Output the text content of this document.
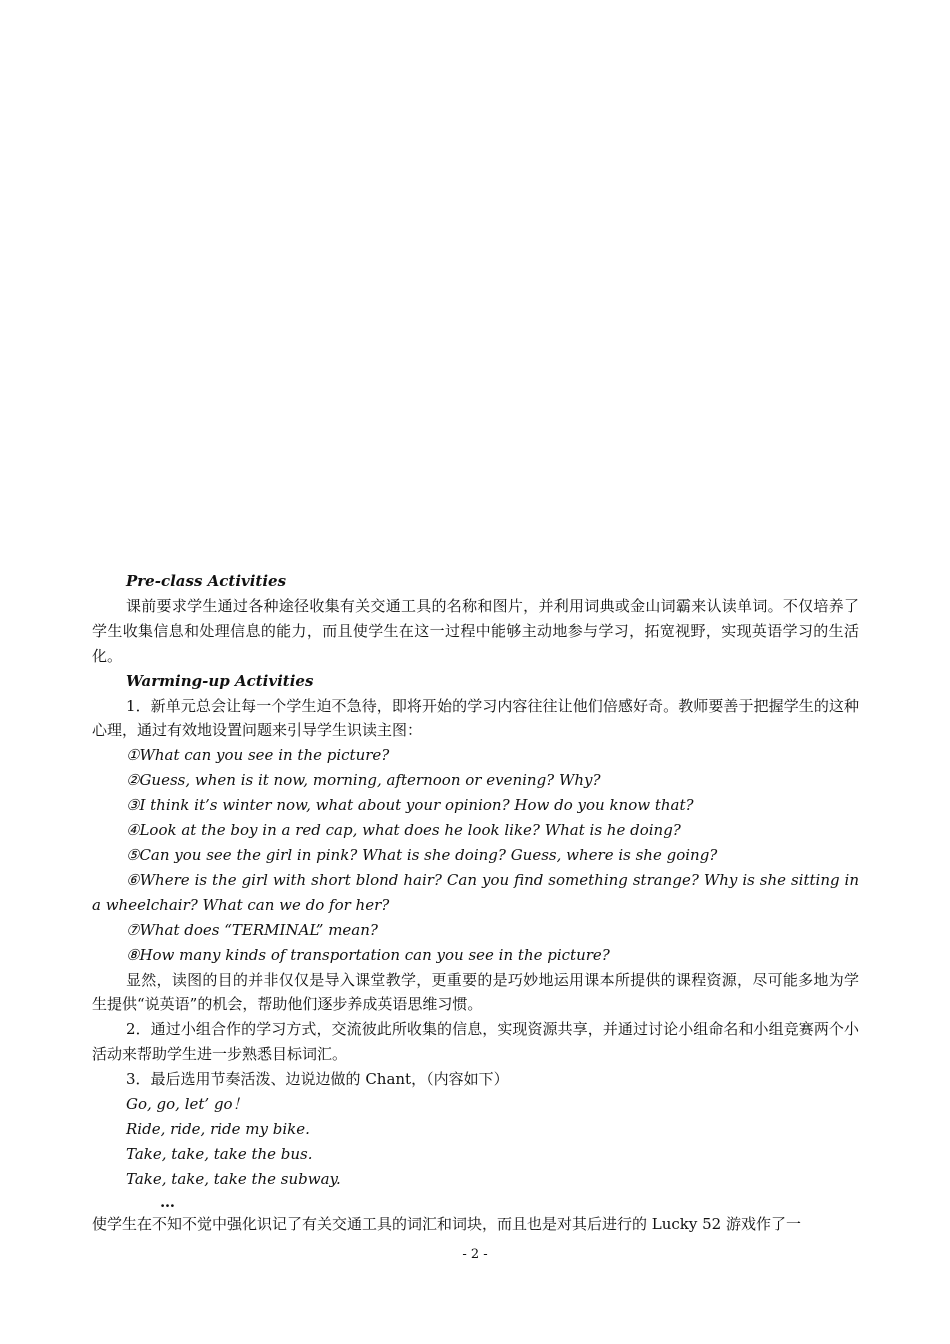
Pre-class Activities

课前要求学生通过各种途径收集有关交通工具的名称和图片，并利用词典或金山词霸来认读单词。不仅培养了学生收集信息和处理信息的能力，而且使学生在这一过程中能够主动地参与学习，拓宽视野，实现英语学习的生活化。

Warming-up Activities

1．新单元总会让每一个学生迫不急待，即将开始的学习内容往往让他们倍感好奇。教师要善于把握学生的这种心理，通过有效地设置问题来引导学生识读主图：

①What can you see in the picture?

②Guess, when is it now, morning, afternoon or evening? Why?

③I think it’s winter now, what about your opinion? How do you know that?

④Look at the boy in a red cap, what does he look like? What is he doing?

⑤Can you see the girl in pink? What is she doing? Guess, where is she going?

⑥Where is the girl with short blond hair? Can you find something strange? Why is she sitting in a wheelchair? What can we do for her?

⑦What does “TERMINAL” mean?

⑧How many kinds of transportation can you see in the picture?

显然，读图的目的并非仅仅是导入课堂教学，更重要的是巧妙地运用课本所提供的课程资源，尽可能多地为学生提供“说英语”的机会，帮助他们逐步养成英语思维习惯。

2．通过小组合作的学习方式，交流彼此所收集的信息，实现资源共享，并通过讨论小组命名和小组竞赛两个小活动来帮助学生进一步熟悉目标词汇。

3．最后选用节奏活泼、边说边做的 Chant，（内容如下）

Go, go, let’ go！

Ride, ride, ride my bike.

Take, take, take the bus.

Take, take, take the subway.

…

使学生在不知不觉中强化识记了有关交通工具的词汇和词块，而且也是对其后进行的 Lucky 52 游戏作了一

- 2 -
